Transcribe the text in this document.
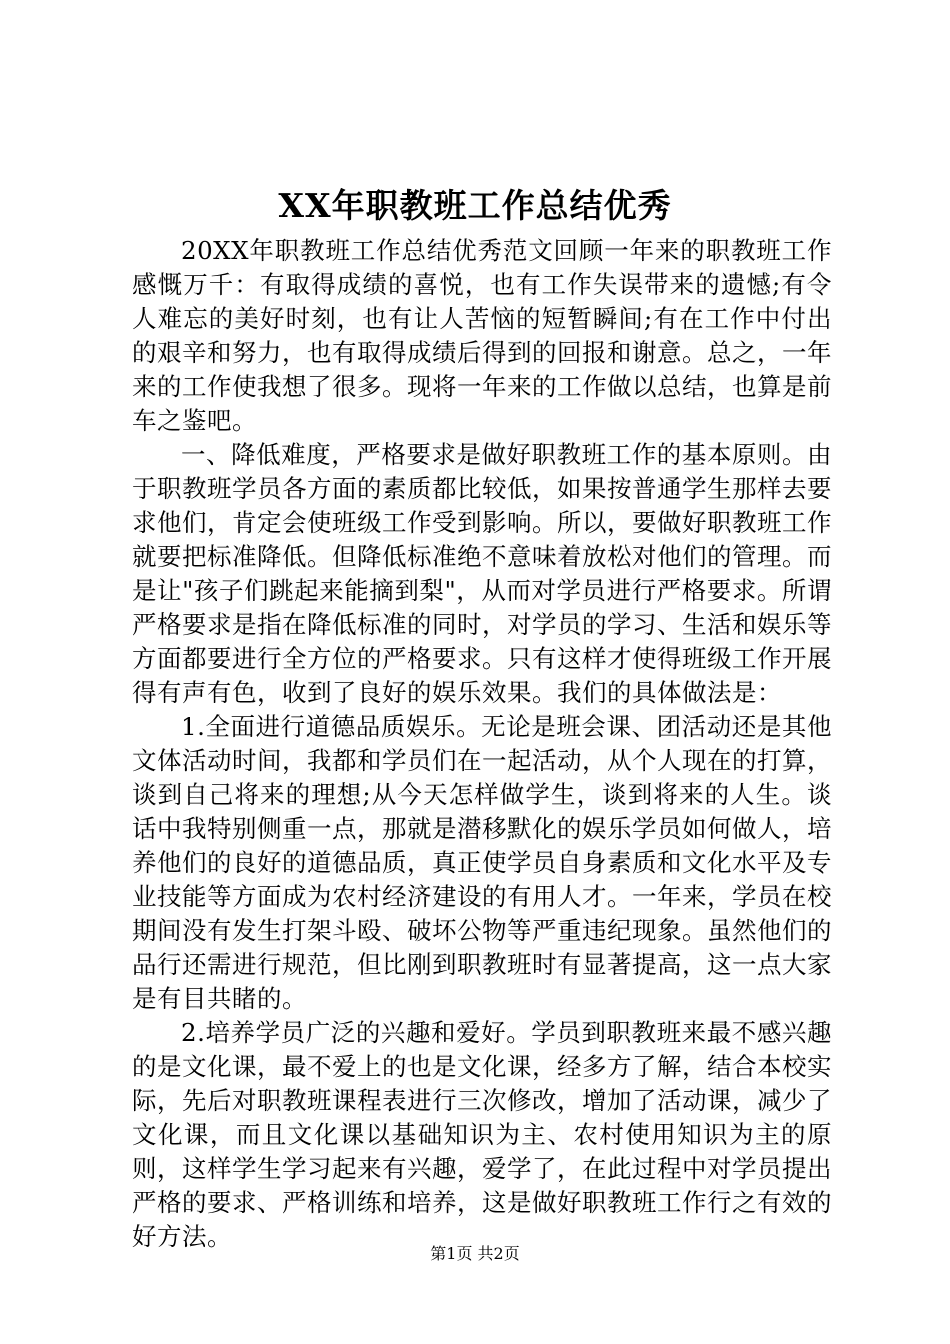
XX年职教班工作总结优秀

20XX年职教班工作总结优秀范文回顾一年来的职教班工作感慨万千：有取得成绩的喜悦，也有工作失误带来的遗憾;有令人难忘的美好时刻，也有让人苦恼的短暂瞬间;有在工作中付出的艰辛和努力，也有取得成绩后得到的回报和谢意。总之，一年来的工作使我想了很多。现将一年来的工作做以总结，也算是前车之鉴吧。

一、降低难度，严格要求是做好职教班工作的基本原则。由于职教班学员各方面的素质都比较低，如果按普通学生那样去要求他们，肯定会使班级工作受到影响。所以，要做好职教班工作就要把标准降低。但降低标准绝不意味着放松对他们的管理。而是让"孩子们跳起来能摘到梨"，从而对学员进行严格要求。所谓严格要求是指在降低标准的同时，对学员的学习、生活和娱乐等方面都要进行全方位的严格要求。只有这样才使得班级工作开展得有声有色，收到了良好的娱乐效果。我们的具体做法是：

1.全面进行道德品质娱乐。无论是班会课、团活动还是其他文体活动时间，我都和学员们在一起活动，从个人现在的打算，谈到自己将来的理想;从今天怎样做学生，谈到将来的人生。谈话中我特别侧重一点，那就是潜移默化的娱乐学员如何做人，培养他们的良好的道德品质，真正使学员自身素质和文化水平及专业技能等方面成为农村经济建设的有用人才。一年来，学员在校期间没有发生打架斗殴、破坏公物等严重违纪现象。虽然他们的品行还需进行规范，但比刚到职教班时有显著提高，这一点大家是有目共睹的。

2.培养学员广泛的兴趣和爱好。学员到职教班来最不感兴趣的是文化课，最不爱上的也是文化课，经多方了解，结合本校实际，先后对职教班课程表进行三次修改，增加了活动课，减少了文化课，而且文化课以基础知识为主、农村使用知识为主的原则，这样学生学习起来有兴趣，爱学了，在此过程中对学员提出严格的要求、严格训练和培养，这是做好职教班工作行之有效的好方法。

第1页 共2页
